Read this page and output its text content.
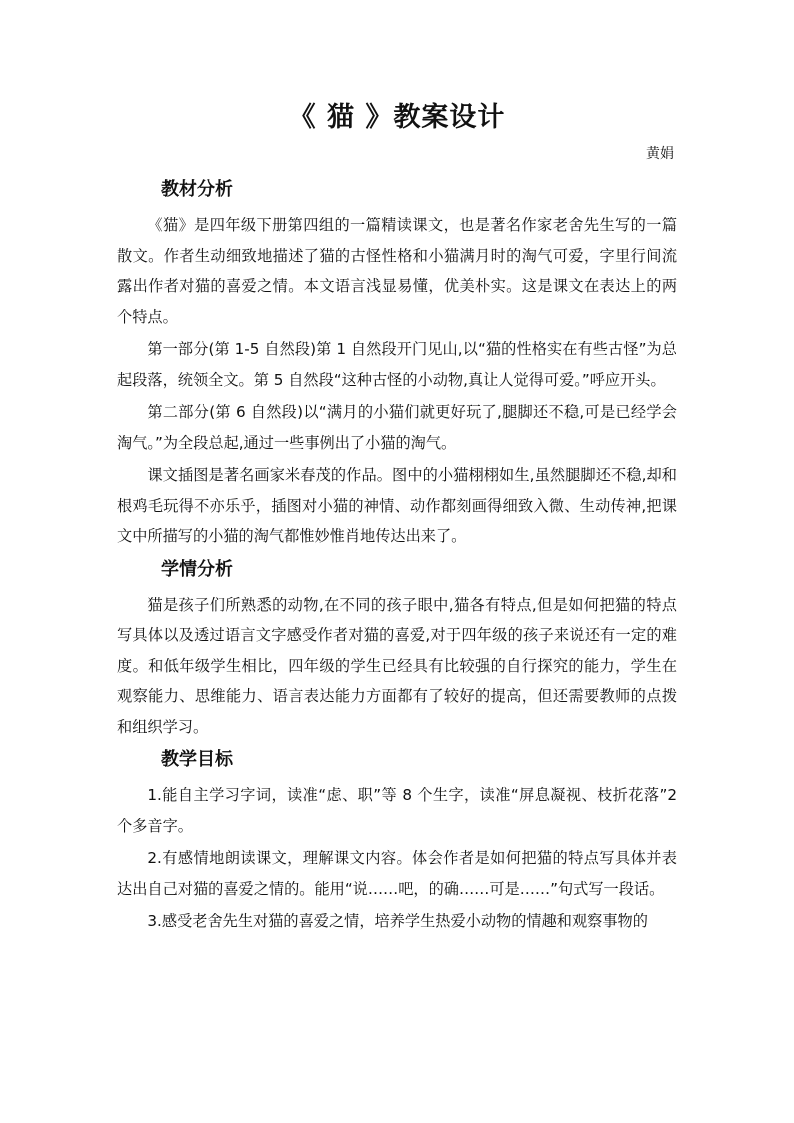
《 猫 》教案设计
黄娟
教材分析

《猫》是四年级下册第四组的一篇精读课文，也是著名作家老舍先生写的一篇散文。作者生动细致地描述了猫的古怪性格和小猫满月时的淘气可爱，字里行间流露出作者对猫的喜爱之情。本文语言浅显易懂，优美朴实。这是课文在表达上的两个特点。

第一部分(第 1-5 自然段)第 1 自然段开门见山,以“猫的性格实在有些古怪”为总起段落，统领全文。第 5 自然段“这种古怪的小动物,真让人觉得可爱。”呼应开头。

第二部分(第 6 自然段)以“满月的小猫们就更好玩了,腿脚还不稳,可是已经学会淘气。”为全段总起,通过一些事例出了小猫的淘气。

课文插图是著名画家米春茂的作品。图中的小猫栩栩如生,虽然腿脚还不稳,却和根鸡毛玩得不亦乐乎，插图对小猫的神情、动作都刻画得细致入微、生动传神,把课文中所描写的小猫的淘气都惟妙惟肖地传达出来了。

学情分析

猫是孩子们所熟悉的动物,在不同的孩子眼中,猫各有特点,但是如何把猫的特点写具体以及透过语言文字感受作者对猫的喜爱,对于四年级的孩子来说还有一定的难度。和低年级学生相比，四年级的学生已经具有比较强的自行探究的能力，学生在观察能力、思维能力、语言表达能力方面都有了较好的提高，但还需要教师的点拨和组织学习。

教学目标

1.能自主学习字词，读准“虑、职”等 8 个生字，读准“屏息凝视、枝折花落”2 个多音字。

2.有感情地朗读课文，理解课文内容。体会作者是如何把猫的特点写具体并表达出自己对猫的喜爱之情的。能用“说……吧，的确……可是……”句式写一段话。

3.感受老舍先生对猫的喜爱之情，培养学生热爱小动物的情趣和观察事物的
